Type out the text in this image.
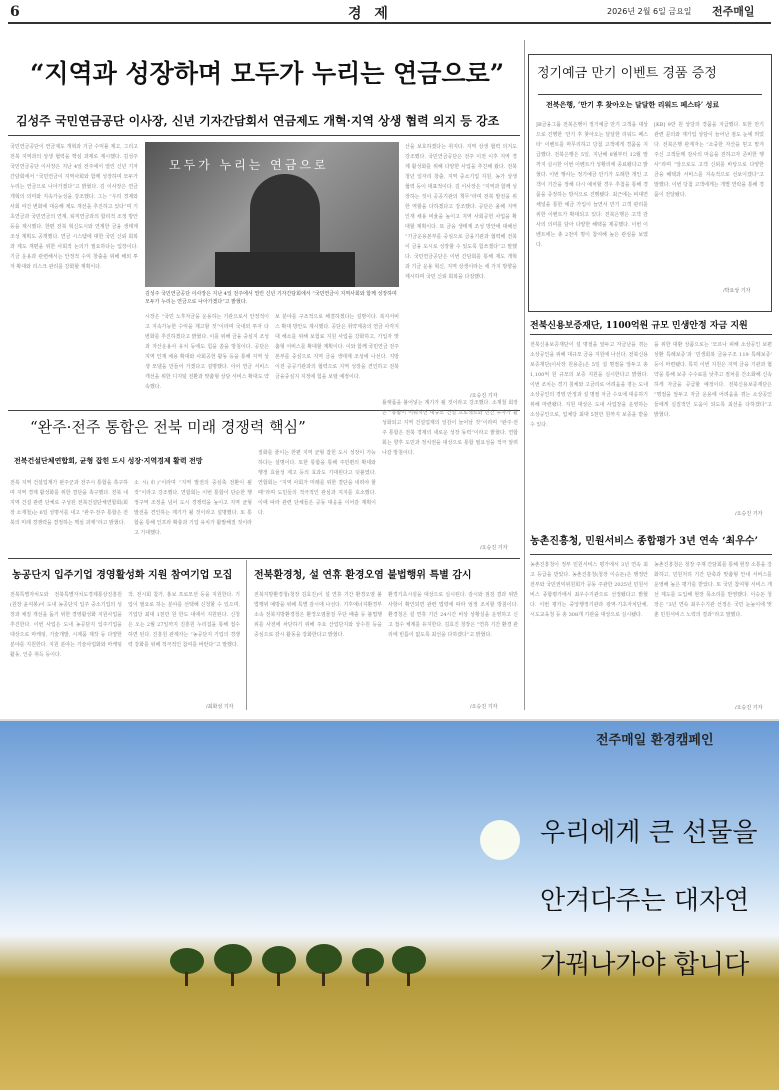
6	경 제	2026년 2월 6일 금요일 전주매일
“지역과 성장하며 모두가 누리는 연금으로”
김성주 국민연금공단 이사장, 신년 기자간담회서 연금제도 개혁·지역 상생 협력 의지 등 강조
국민연금공단이 연금제도 개혁과 기금 수익률 제고, 그리고 전북 지역과의 상생 협력을 핵심 과제로 제시했다. 김성주 국민연금공단 이사장은 지난 4일 전주에서 열린 신년 기자간담회에서 “국민연금이 지역사회와 함께 성장하며 모두가 누리는 연금으로 나아가겠다”고 밝혔다. 김 이사장은 연금 개혁의 의미와 지속가능성을 강조했다. 그는 “우리 경제와 사회 여건 변화에 대응해 제도 개선을 추진하고 있다”며 기초연금과 국민연금의 연계, 퇴직연금과의 합리적 조정 방안 등을 제시했다. 한편 전북 혁신도시와 연계한 금융 생태계 조성 계획도 공개했다. 연금 시스템에 대한 국민 신뢰 회복과 제도 개편을 위한 사회적 논의가 필요하다는 입장이다. 기금 운용과 관련해서는 안정적 수익 창출을 위해 해외 투자 확대와 리스크 관리를 강화할 계획이다.
모두가 누리는 연금으로
김성주 국민연금공단 이사장은 지난 4일 전주에서 열린 신년 기자간담회에서 “국민연금이 지역사회와 함께 성장하며 모두가 누리는 연금으로 나아가겠다”고 밝혔다.
시장은 “국민 노후자금을 운용하는 기관으로서 안정적이고 지속가능한 수익을 제고할 것”이라며 국내외 투자 다변화를 추진하겠다고 밝혔다. 이를 위해 금융 중심지 조성과 자산운용사 유치 등에도 힘을 쏟을 방침이다. 공단은 지역 인재 채용 확대와 사회공헌 활동 등을 통해 지역 상생 모델을 만들어 가겠다고 설명했다. 이어 연금 서비스 개선을 위한 디지털 전환과 맞춤형 상담 서비스 확대도 약속했다.
보 분야를 구조적으로 해결하겠다는 설명이다. 복지서비스 확대 방안도 제시했다. 공단은 취약계층의 연금 사각지대 해소를 위해 보험료 지원 사업을 강화하고, 가입자 맞춤형 서비스를 확대할 계획이다. 이와 함께 국민연금 전주 본부를 중심으로 지역 금융 생태계 조성에 나선다. 지방 이전 공공기관과의 협력으로 지역 성장을 견인하고 전북 금융중심지 지정에 힘을 보탤 예정이다.
산을 보호하겠다는 취지다. 지역 상생 협력 의지도 강조했다. 국민연금공단은 전주 이전 이후 지역 경제 활성화를 위해 다양한 사업을 추진해 왔다. 전북 청년 일자리 창출, 지역 중소기업 지원, 농가 상생 협력 등이 대표적이다. 김 이사장은 “지역과 함께 성장하는 것이 공공기관의 책무”라며 전북 발전을 위한 역할을 다하겠다고 강조했다. 공단은 올해 지역 인재 채용 비율을 높이고 지역 사회공헌 사업을 확대할 계획이다. 또 금융 생태계 조성 방안에 대해선 “기금운용본부를 중심으로 금융기관과 협력해 전북이 금융 도시로 성장할 수 있도록 힘쓰겠다”고 말했다. 국민연금공단은 이번 간담회를 통해 제도 개혁과 기금 운용 혁신, 지역 상생이라는 세 가지 방향을 제시하며 국민 신뢰 회복을 다짐했다.
/오승진 기자
정기예금 만기 이벤트 경품 증정
전북은행, ‘만기 후 찾아오는 달달한 리워드 페스타’ 성료
JB금융그룹 전북은행이 정기예금 만기 고객을 대상으로 진행한 ‘만기 후 찾아오는 달달한 리워드 페스타’ 이벤트를 마무리하고 당첨 고객에게 경품을 지급했다. 전북은행은 5일, 지난해 8월부터 12월 말까지 실시한 이번 이벤트가 성황리에 종료됐다고 밝혔다. 이번 행사는 정기예금 만기가 도래한 개인 고객이 기간을 정해 다시 예치할 경우 추첨을 통해 경품을 증정하는 방식으로 진행됐다. 최근에는 비대면 채널을 통한 예금 가입이 늘면서 만기 고객 관리를 위한 이벤트가 확대되고 있다. 전북은행은 고객 감사의 의미를 담아 다양한 혜택을 제공했다. 이번 이벤트에는 총 2천여 명이 참여해 높은 관심을 보였다.
[KB] 9만 원 상당의 경품을 지급했다. 또한 만기 관련 문의와 재가입 상담이 늘어난 점도 눈에 띄었다. 전북은행 관계자는 “소중한 자산을 믿고 맡겨주신 고객들께 감사의 마음을 전하고자 준비한 행사”라며 “앞으로도 고객 신뢰를 바탕으로 다양한 금융 혜택과 서비스를 지속적으로 선보이겠다”고 말했다. 이번 당첨 고객에게는 개별 연락을 통해 경품이 전달됐다.
/박요상 기자
전북신용보증재단, 1100억원 규모 민생안정 자금 지원
전북신용보증재단이 설 명절을 앞두고 자금난을 겪는 소상공인을 위해 대규모 금융 지원에 나선다. 전북신용보증재단(이사장 원용준)은 5일 설 명절을 앞두고 총 1,100억 원 규모의 보증 지원을 실시한다고 밝혔다. 이번 조치는 경기 침체와 고금리로 어려움을 겪는 도내 소상공인의 경영 안정과 설 명절 자금 수요에 대응하기 위해 마련됐다. 지원 대상은 도내 사업장을 운영하는 소상공인으로, 업체당 최대 5천만 원까지 보증을 받을 수 있다.
을 위한 대환 상품으로는 ‘모르나 피해 소상공인 보편상환 특례보증’과 ‘민생회복 금융구조 119 특례보증’ 등이 마련됐다. 특히 이번 지원은 지역 금융 기관과 협약을 통해 보증 수수료를 낮추고 절차를 간소화해 신속하게 자금을 공급할 예정이다. 전북신용보증재단은 “명절을 앞두고 자금 운용에 어려움을 겪는 소상공인들에게 실질적인 도움이 되도록 최선을 다하겠다”고 밝혔다.
/오승진 기자
“완주·전주 통합은 전북 미래 경쟁력 핵심”
전북건설단체연합회, 균형 잡힌 도시 성장·지역경제 활력 전망
전북 지역 건설업계가 완주군과 전주시 통합을 촉구하며 지역 경제 활성화를 위한 결단을 촉구했다. 전북 내 지역 건설 관련 단체로 구성된 전북건설단체연합회(회장 소재철)는 6일 성명서를 내고 “완주·전주 통합은 전북의 미래 경쟁력을 결정하는 핵심 과제”라고 밝혔다.
소 시(市)”이라며 “지역 발전의 중심축 전환이 될 것”이라고 강조했다. 연합회는 이번 통합이 단순한 행정구역 조정을 넘어 도시 경쟁력을 높이고 지역 균형 발전을 견인하는 계기가 될 것이라고 설명했다. 또 통합을 통해 인프라 확충과 기업 유치가 활발해질 것이라고 기대했다.
질화를 줄이는 한편 지역 균형 잡힌 도시 성장이 가능하다는 설명이다. 또한 통합을 통해 주민편의 확대와 행정 효율성 제고 등의 효과도 기대된다고 덧붙였다. 연합회는 “지역 사회가 미래를 위한 결단을 내려야 할 때”라며 도민들의 적극적인 관심과 지지를 호소했다. 이에 따라 관련 단체들은 공동 대응을 이어갈 계획이다.
틀랫폼을 불어넣는 계기가 될 것이라고 강조했다. 소재철 회장은 “통합이 이뤄지면 대규모 건설 프로젝트와 민간 투자가 활성화되고 지역 건설업계의 일감이 늘어날 것”이라며 “완주·전주 통합은 전북 경제의 새로운 성장 동력”이라고 밝혔다. 연합회는 향후 도민과 정치권을 대상으로 통합 필요성을 적극 알려 나갈 방침이다.
/오승진 기자
농촌진흥청, 민원서비스 종합평가 3년 연속 ‘최우수’
농촌진흥청이 정부 민원서비스 평가에서 3년 연속 최고 등급을 받았다. 농촌진흥청(청장 이승돈)은 행정안전부와 국민권익위원회가 공동 주관한 2025년 민원서비스 종합평가에서 최우수기관으로 선정됐다고 밝혔다. 이번 평가는 중앙행정기관과 광역·기초자치단체, 시도교육청 등 총 308개 기관을 대상으로 실시됐다.
농촌진흥청은 청장 주재 간담회를 통해 현장 소통을 강화하고, 민원처리 기간 단축과 맞춤형 안내 서비스를 운영해 높은 평가를 받았다. 또 국민 참여형 서비스 개선 제도를 도입해 현장 목소리를 반영했다. 이승돈 청장은 “3년 연속 최우수기관 선정은 국민 눈높이에 맞춘 민원서비스 노력의 결과”라고 말했다.
/오승진 기자
농공단지 입주기업 경영활성화 지원 참여기업 모집
전북특별자치도와 전북특별자치도경제통상진흥원(원장 윤여봉)이 도내 농공단지 입주 중소기업의 성장과 체질 개선을 돕기 위한 경영활성화 지원사업을 추진한다. 이번 사업은 도내 농공단지 입주기업을 대상으로 마케팅, 기술개발, 시제품 제작 등 다양한 분야를 지원한다. 지원 분야는 기술사업화와 마케팅 활동, 인증 취득 등이다.
작, 전시회 참가, 홍보 프로모션 등을 지원한다. 기업이 필요로 하는 분야를 선택해 신청할 수 있으며, 기업당 최대 1천만 원 한도 내에서 지원된다. 신청은 오는 2월 27일까지 진흥원 누리집을 통해 접수하면 된다. 진흥원 관계자는 “농공단지 기업의 경쟁력 강화를 위해 적극적인 참여를 바란다”고 말했다.
/최화성 기자
전북환경청, 설 연휴 환경오염 불법행위 특별 감시
전북지방환경청(청장 김효진)이 설 연휴 기간 환경오염 불법행위 예방을 위해 특별 감시에 나선다. 기후에너지환경부 소속 전북지방환경청은 환경오염물질 무단 배출 등 불법행위를 사전에 차단하기 위해 주요 산업단지와 상수원 등을 중심으로 감시 활동을 강화한다고 밝혔다.
환경기초시설을 대상으로 실시된다. 감시와 점검 결과 위반 사항이 확인되면 관련 법령에 따라 엄정 조치할 방침이다. 환경청은 설 연휴 기간 24시간 비상 상황실을 운영하고 신고 접수 체계를 유지한다. 김효진 청장은 “연휴 기간 환경 관리에 빈틈이 없도록 최선을 다하겠다”고 밝혔다.
/오승진 기자
전주매일 환경캠페인
우리에게 큰 선물을
안겨다주는 대자연
가꿔나가야 합니다
